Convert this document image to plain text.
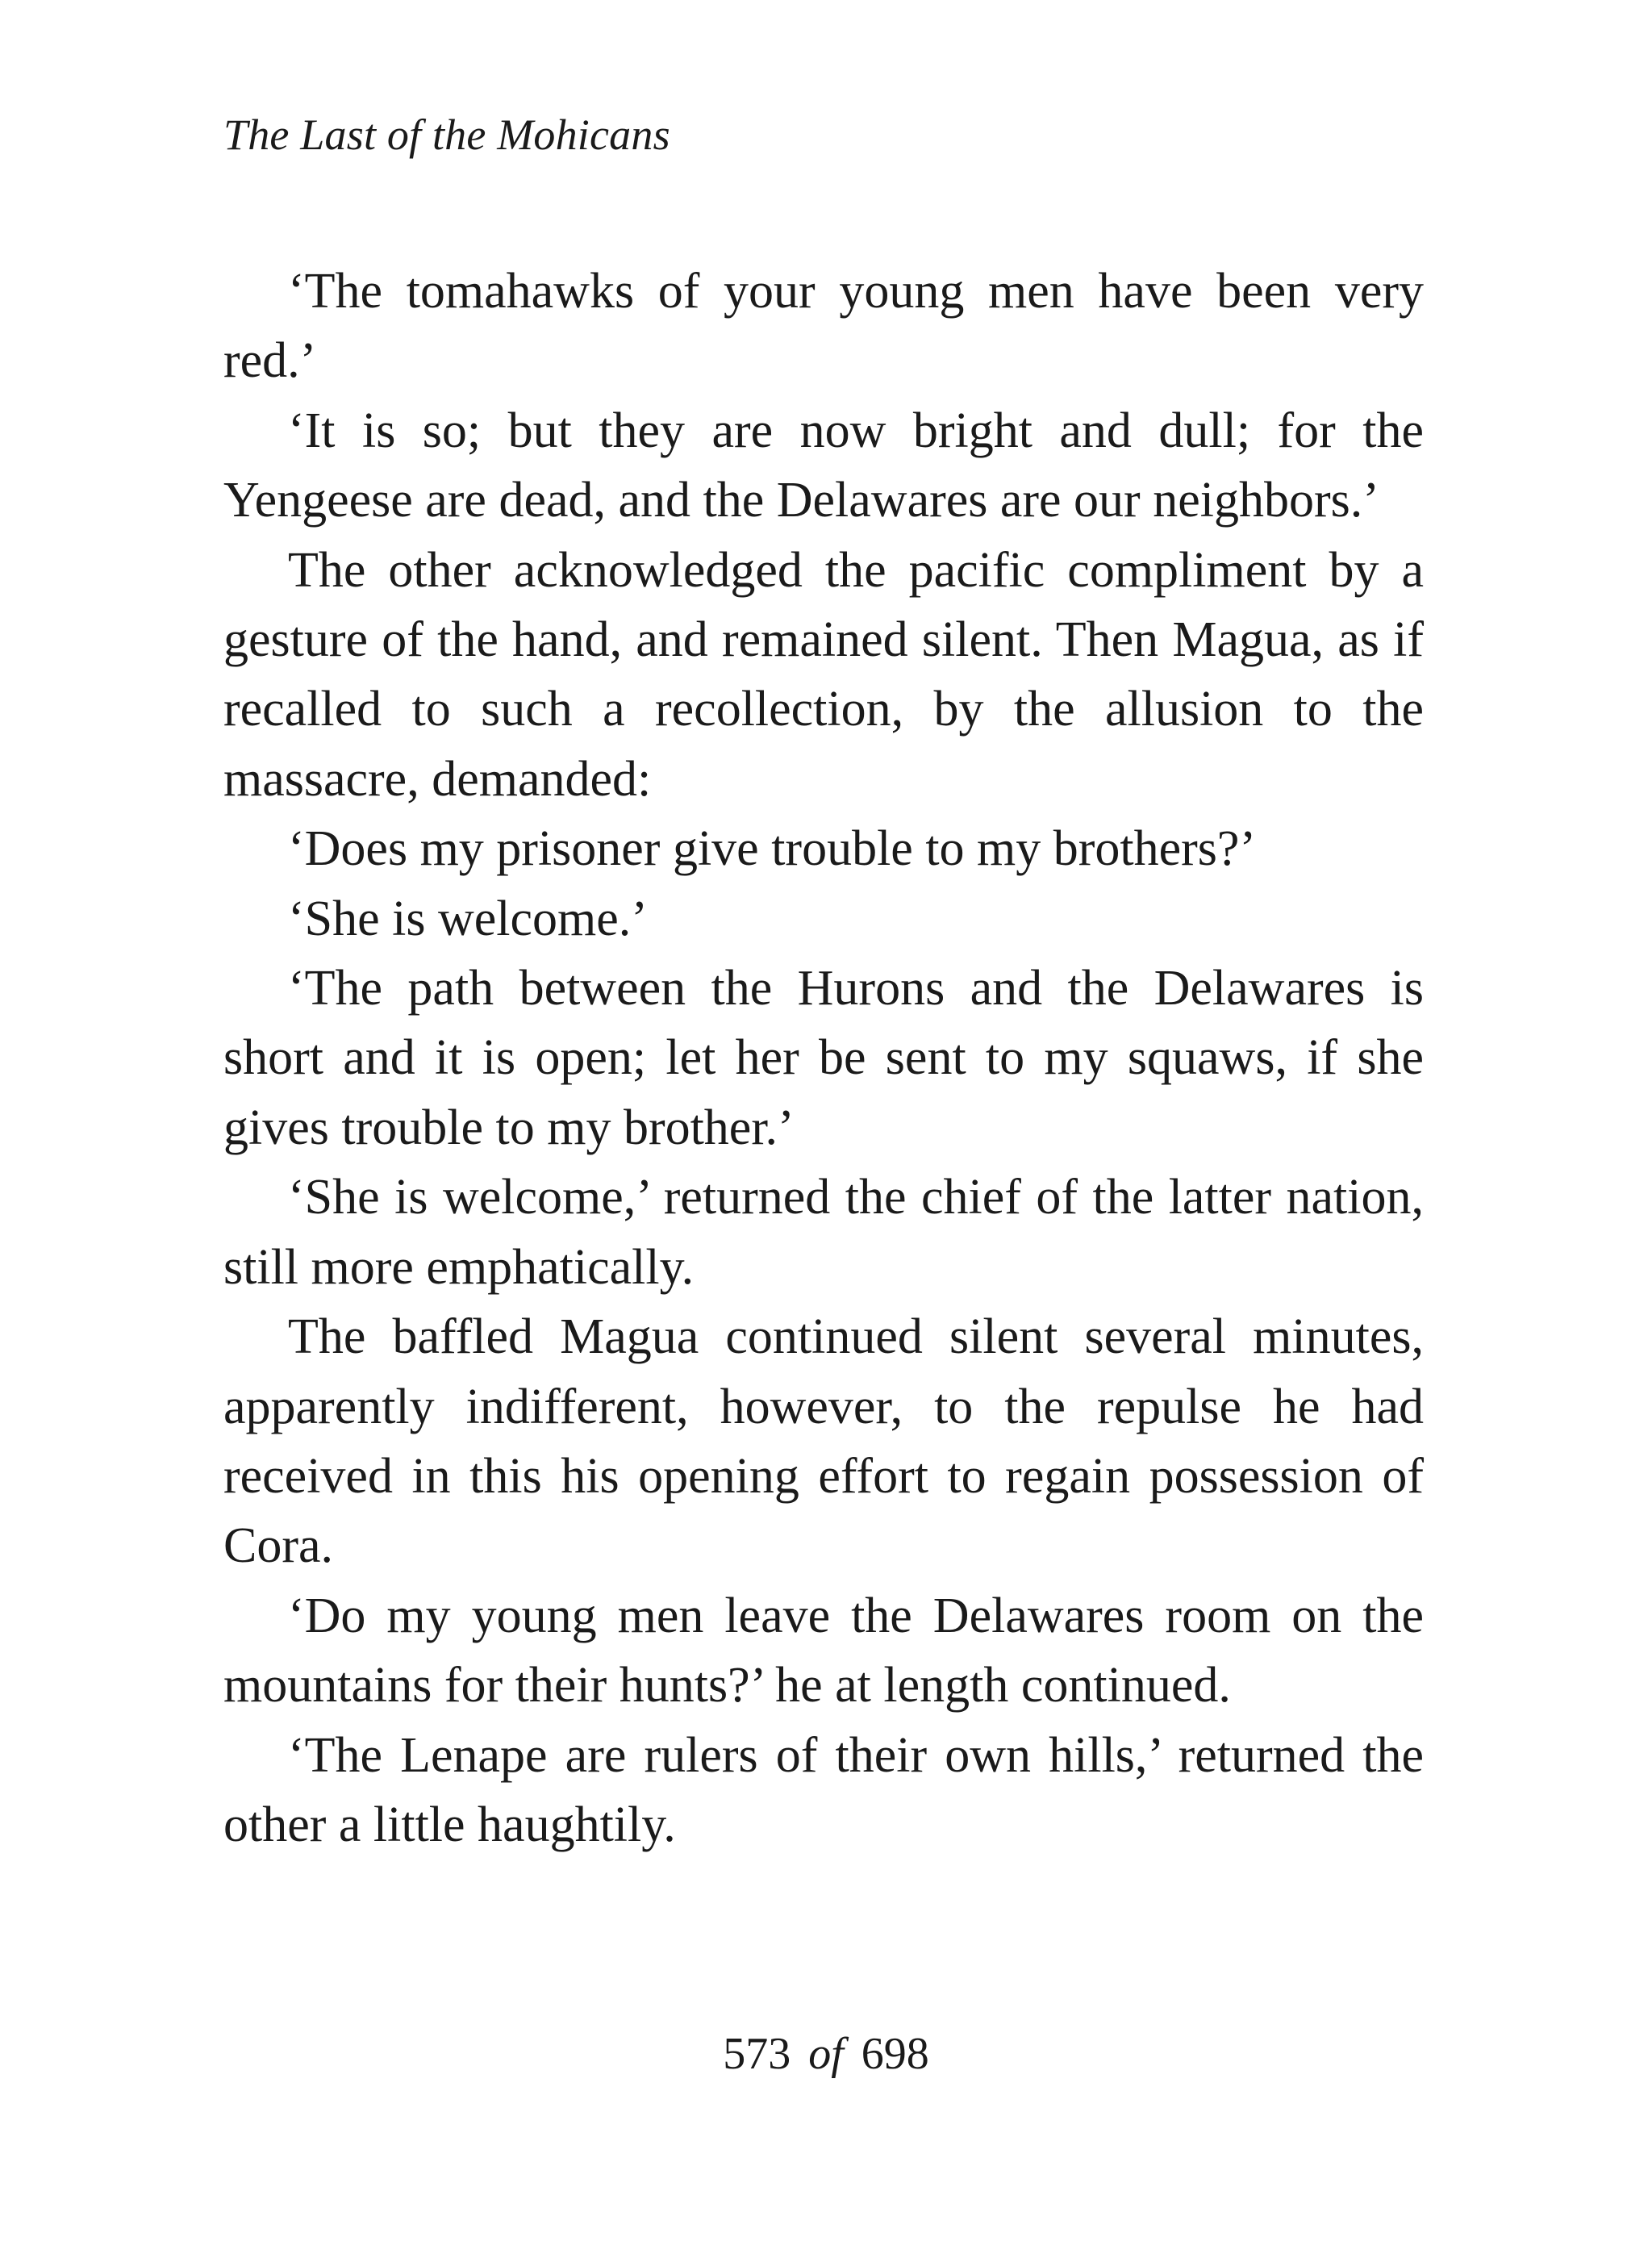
The Last of the Mohicans

‘The tomahawks of your young men have been very red.’

‘It is so; but they are now bright and dull; for the Yengeese are dead, and the Delawares are our neighbors.’

The other acknowledged the pacific compliment by a gesture of the hand, and remained silent. Then Magua, as if recalled to such a recollection, by the allusion to the massacre, demanded:

‘Does my prisoner give trouble to my brothers?’

‘She is welcome.’

‘The path between the Hurons and the Delawares is short and it is open; let her be sent to my squaws, if she gives trouble to my brother.’

‘She is welcome,’ returned the chief of the latter nation, still more emphatically.

The baffled Magua continued silent several minutes, apparently indifferent, however, to the repulse he had received in this his opening effort to regain possession of Cora.

‘Do my young men leave the Delawares room on the mountains for their hunts?’ he at length continued.

‘The Lenape are rulers of their own hills,’ returned the other a little haughtily.

573 of 698
